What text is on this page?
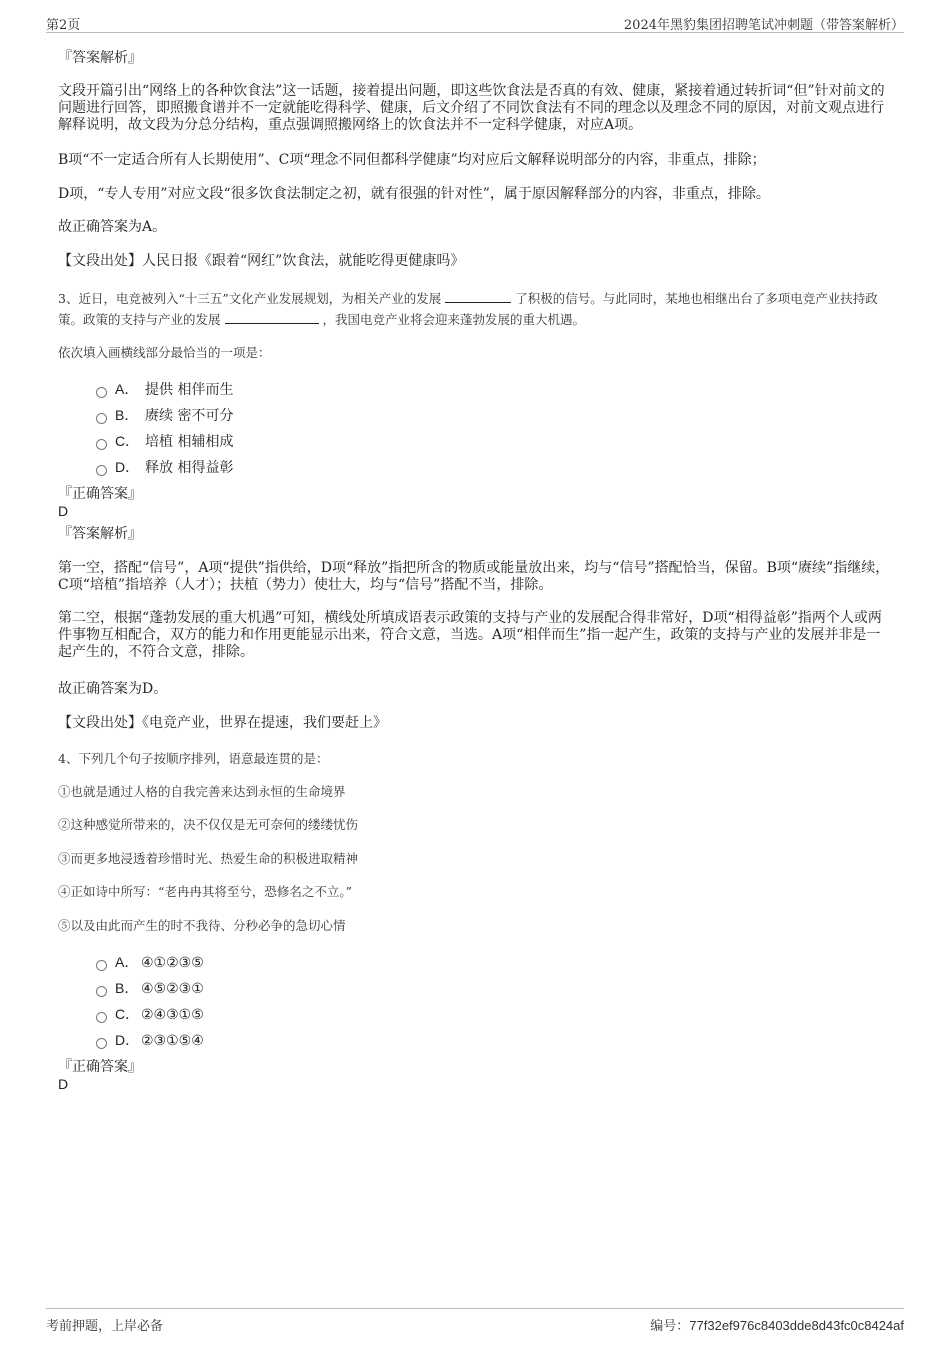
第2页	2024年黑豹集团招聘笔试冲刺题（带答案解析）
『答案解析』
文段开篇引出“网络上的各种饮食法”这一话题，接着提出问题，即这些饮食法是否真的有效、健康，紧接着通过转折词“但”针对前文的问题进行回答，即照搬食谱并不一定就能吃得科学、健康，后文介绍了不同饮食法有不同的理念以及理念不同的原因，对前文观点进行解释说明，故文段为分总分结构，重点强调照搬网络上的饮食法并不一定科学健康，对应A项。
B项“不一定适合所有人长期使用”、C项“理念不同但都科学健康”均对应后文解释说明部分的内容，非重点，排除；
D项，“专人专用”对应文段“很多饮食法制定之初，就有很强的针对性”，属于原因解释部分的内容，非重点，排除。
故正确答案为A。
【文段出处】人民日报《跟着“网红”饮食法，就能吃得更健康吗》
3、近日，电竞被列入“十三五”文化产业发展规划，为相关产业的发展	了积极的信号。与此同时，某地也相继出台了多项电竞产业扶持政策。政策的支持与产业的发展	，我国电竞产业将会迎来蓬勃发展的重大机遇。
依次填入画横线部分最恰当的一项是：
A． 提供 相伴而生
B． 赓续 密不可分
C． 培植 相辅相成
D． 释放 相得益彰
『正确答案』
D
『答案解析』
第一空，搭配“信号”，A项“提供”指供给，D项“释放”指把所含的物质或能量放出来，均与“信号”搭配恰当，保留。B项“赓续”指继续，C项“培植”指培养（人才）；扶植（势力）使壮大，均与“信号”搭配不当，排除。
第二空，根据“蓬勃发展的重大机遇”可知，横线处所填成语表示政策的支持与产业的发展配合得非常好，D项“相得益彰”指两个人或两件事物互相配合，双方的能力和作用更能显示出来，符合文意，当选。A项“相伴而生”指一起产生，政策的支持与产业的发展并非是一起产生的，不符合文意，排除。
故正确答案为D。
【文段出处】《电竞产业，世界在提速，我们要赶上》
4、下列几个句子按顺序排列，语意最连贯的是：
①也就是通过人格的自我完善来达到永恒的生命境界
②这种感觉所带来的，决不仅仅是无可奈何的缕缕忧伤
③而更多地浸透着珍惜时光、热爱生命的积极进取精神
④正如诗中所写：“老冉冉其将至兮，恐修名之不立。”
⑤以及由此而产生的时不我待、分秒必争的急切心情
A． ④①②③⑤
B． ④⑤②③①
C． ②④③①⑤
D． ②③①⑤④
『正确答案』
D
考前押题，上岸必备	编号：77f32ef976c8403dde8d43fc0c8424af
